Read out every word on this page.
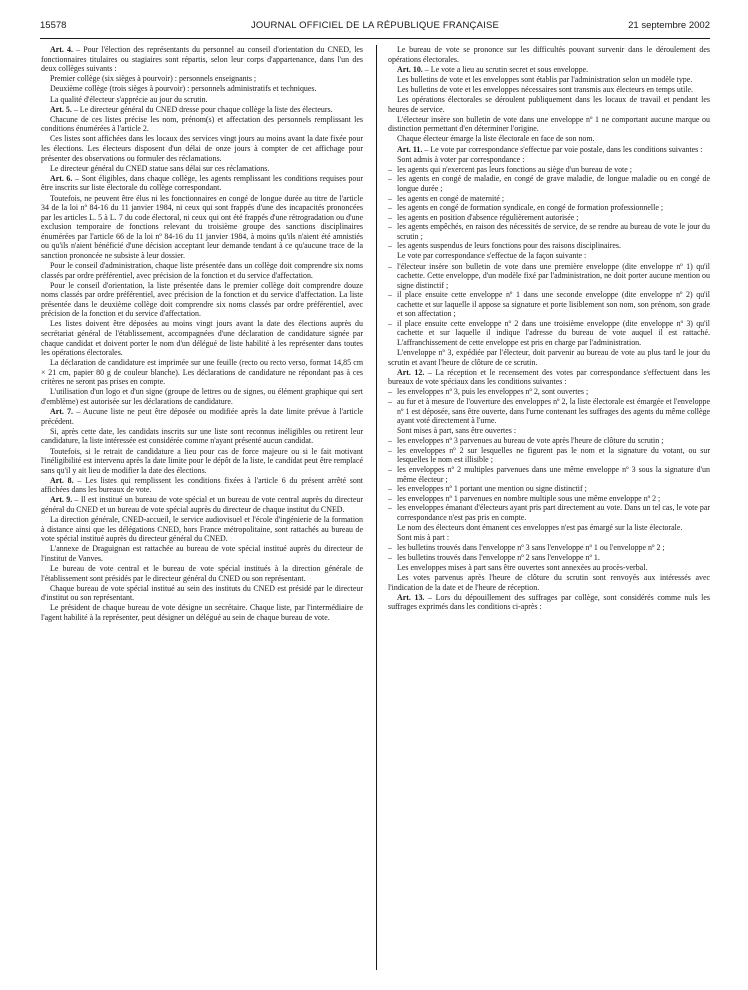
15578	JOURNAL OFFICIEL DE LA RÉPUBLIQUE FRANÇAISE	21 septembre 2002

Art. 4. – Pour l'élection des représentants du personnel au conseil d'orientation du CNED, les fonctionnaires titulaires ou stagiaires sont répartis, selon leur corps d'appartenance, dans l'un des deux collèges suivants :

Premier collège (six sièges à pourvoir) : personnels enseignants ;

Deuxième collège (trois sièges à pourvoir) : personnels administratifs et techniques.

La qualité d'électeur s'apprécie au jour du scrutin.

Art. 5. – Le directeur général du CNED dresse pour chaque collège la liste des électeurs.

Chacune de ces listes précise les nom, prénom(s) et affectation des personnels remplissant les conditions énumérées à l'article 2.

Ces listes sont affichées dans les locaux des services vingt jours au moins avant la date fixée pour les élections. Les électeurs disposent d'un délai de onze jours à compter de cet affichage pour présenter des observations ou formuler des réclamations.

Le directeur général du CNED statue sans délai sur ces réclamations.

Art. 6. – Sont éligibles, dans chaque collège, les agents remplissant les conditions requises pour être inscrits sur liste électorale du collège correspondant.

Toutefois, ne peuvent être élus ni les fonctionnaires en congé de longue durée au titre de l'article 34 de la loi nº 84-16 du 11 janvier 1984, ni ceux qui sont frappés d'une des incapacités prononcées par les articles L. 5 à L. 7 du code électoral, ni ceux qui ont été frappés d'une rétrogradation ou d'une exclusion temporaire de fonctions relevant du troisième groupe des sanctions disciplinaires énumérées par l'article 66 de la loi nº 84-16 du 11 janvier 1984, à moins qu'ils n'aient été amnistiés ou qu'ils n'aient bénéficié d'une décision acceptant leur demande tendant à ce qu'aucune trace de la sanction prononcée ne subsiste à leur dossier.

Pour le conseil d'administration, chaque liste présentée dans un collège doit comprendre six noms classés par ordre préférentiel, avec précision de la fonction et du service d'affectation.

Pour le conseil d'orientation, la liste présentée dans le premier collège doit comprendre douze noms classés par ordre préférentiel, avec précision de la fonction et du service d'affectation. La liste présentée dans le deuxième collège doit comprendre six noms classés par ordre préférentiel, avec précision de la fonction et du service d'affectation.

Les listes doivent être déposées au moins vingt jours avant la date des élections auprès du secrétariat général de l'établissement, accompagnées d'une déclaration de candidature signée par chaque candidat et doivent porter le nom d'un délégué de liste habilité à les représenter dans toutes les opérations électorales.

La déclaration de candidature est imprimée sur une feuille (recto ou recto verso, format 14,85 cm × 21 cm, papier 80 g de couleur blanche). Les déclarations de candidature ne répondant pas à ces critères ne seront pas prises en compte.

L'utilisation d'un logo et d'un signe (groupe de lettres ou de signes, ou élément graphique qui sert d'emblème) est autorisée sur les déclarations de candidature.

Art. 7. – Aucune liste ne peut être déposée ou modifiée après la date limite prévue à l'article précédent.

Si, après cette date, les candidats inscrits sur une liste sont reconnus inéligibles ou retirent leur candidature, la liste intéressée est considérée comme n'ayant présenté aucun candidat.

Toutefois, si le retrait de candidature a lieu pour cas de force majeure ou si le fait motivant l'inéligibilité est intervenu après la date limite pour le dépôt de la liste, le candidat peut être remplacé sans qu'il y ait lieu de modifier la date des élections.

Art. 8. – Les listes qui remplissent les conditions fixées à l'article 6 du présent arrêté sont affichées dans les bureaux de vote.

Art. 9. – Il est institué un bureau de vote spécial et un bureau de vote central auprès du directeur général du CNED et un bureau de vote spécial auprès du directeur de chaque institut du CNED.

La direction générale, CNED-accueil, le service audiovisuel et l'école d'ingénierie de la formation à distance ainsi que les délégations CNED, hors France métropolitaine, sont rattachés au bureau de vote spécial institué auprès du directeur général du CNED.

L'annexe de Draguignan est rattachée au bureau de vote spécial institué auprès du directeur de l'institut de Vanves.

Le bureau de vote central et le bureau de vote spécial institués à la direction générale de l'établissement sont présidés par le directeur général du CNED ou son représentant.

Chaque bureau de vote spécial institué au sein des instituts du CNED est présidé par le directeur d'institut ou son représentant.

Le président de chaque bureau de vote désigne un secrétaire. Chaque liste, par l'intermédiaire de l'agent habilité à la représenter, peut désigner un délégué au sein de chaque bureau de vote.

Le bureau de vote se prononce sur les difficultés pouvant survenir dans le déroulement des opérations électorales.

Art. 10. – Le vote a lieu au scrutin secret et sous enveloppe.

Les bulletins de vote et les enveloppes sont établis par l'administration selon un modèle type.

Les bulletins de vote et les enveloppes nécessaires sont transmis aux électeurs en temps utile.

Les opérations électorales se déroulent publiquement dans les locaux de travail et pendant les heures de service.

L'électeur insère son bulletin de vote dans une enveloppe nº 1 ne comportant aucune marque ou distinction permettant d'en déterminer l'origine.

Chaque électeur émarge la liste électorale en face de son nom.

Art. 11. – Le vote par correspondance s'effectue par voie postale, dans les conditions suivantes :

Sont admis à voter par correspondance :

– les agents qui n'exercent pas leurs fonctions au siège d'un bureau de vote ;
– les agents en congé de maladie, en congé de grave maladie, de longue maladie ou en congé de longue durée ;
– les agents en congé de maternité ;
– les agents en congé de formation syndicale, en congé de formation professionnelle ;
– les agents en position d'absence régulièrement autorisée ;
– les agents empêchés, en raison des nécessités de service, de se rendre au bureau de vote le jour du scrutin ;
– les agents suspendus de leurs fonctions pour des raisons disciplinaires.

Le vote par correspondance s'effectue de la façon suivante :

– l'électeur insère son bulletin de vote dans une première enveloppe (dite enveloppe nº 1) qu'il cachette. Cette enveloppe, d'un modèle fixé par l'administration, ne doit porter aucune mention ou signe distinctif ;
– il place ensuite cette enveloppe nº 1 dans une seconde enveloppe (dite enveloppe nº 2) qu'il cachette et sur laquelle il appose sa signature et porte lisiblement son nom, son prénom, son grade et son affectation ;
– il place ensuite cette enveloppe nº 2 dans une troisième enveloppe (dite enveloppe nº 3) qu'il cachette et sur laquelle il indique l'adresse du bureau de vote auquel il est rattaché. L'affranchissement de cette enveloppe est pris en charge par l'administration.

L'enveloppe nº 3, expédiée par l'électeur, doit parvenir au bureau de vote au plus tard le jour du scrutin et avant l'heure de clôture de ce scrutin.

Art. 12. – La réception et le recensement des votes par correspondance s'effectuent dans les bureaux de vote spéciaux dans les conditions suivantes :

– les enveloppes nº 3, puis les enveloppes nº 2, sont ouvertes ;
– au fur et à mesure de l'ouverture des enveloppes nº 2, la liste électorale est émargée et l'enveloppe nº 1 est déposée, sans être ouverte, dans l'urne contenant les suffrages des agents du même collège ayant voté directement à l'urne.

Sont mises à part, sans être ouvertes :

– les enveloppes nº 3 parvenues au bureau de vote après l'heure de clôture du scrutin ;
– les enveloppes nº 2 sur lesquelles ne figurent pas le nom et la signature du votant, ou sur lesquelles le nom est illisible ;
– les enveloppes nº 2 multiples parvenues dans une même enveloppe nº 3 sous la signature d'un même électeur ;
– les enveloppes nº 1 portant une mention ou signe distinctif ;
– les enveloppes nº 1 parvenues en nombre multiple sous une même enveloppe nº 2 ;
– les enveloppes émanant d'électeurs ayant pris part directement au vote. Dans un tel cas, le vote par correspondance n'est pas pris en compte.

Le nom des électeurs dont émanent ces enveloppes n'est pas émargé sur la liste électorale.

Sont mis à part :

– les bulletins trouvés dans l'enveloppe nº 3 sans l'enveloppe nº 1 ou l'enveloppe nº 2 ;
– les bulletins trouvés dans l'enveloppe nº 2 sans l'enveloppe nº 1.

Les enveloppes mises à part sans être ouvertes sont annexées au procès-verbal.

Les votes parvenus après l'heure de clôture du scrutin sont renvoyés aux intéressés avec l'indication de la date et de l'heure de réception.

Art. 13. – Lors du dépouillement des suffrages par collège, sont considérés comme nuls les suffrages exprimés dans les conditions ci-après :
